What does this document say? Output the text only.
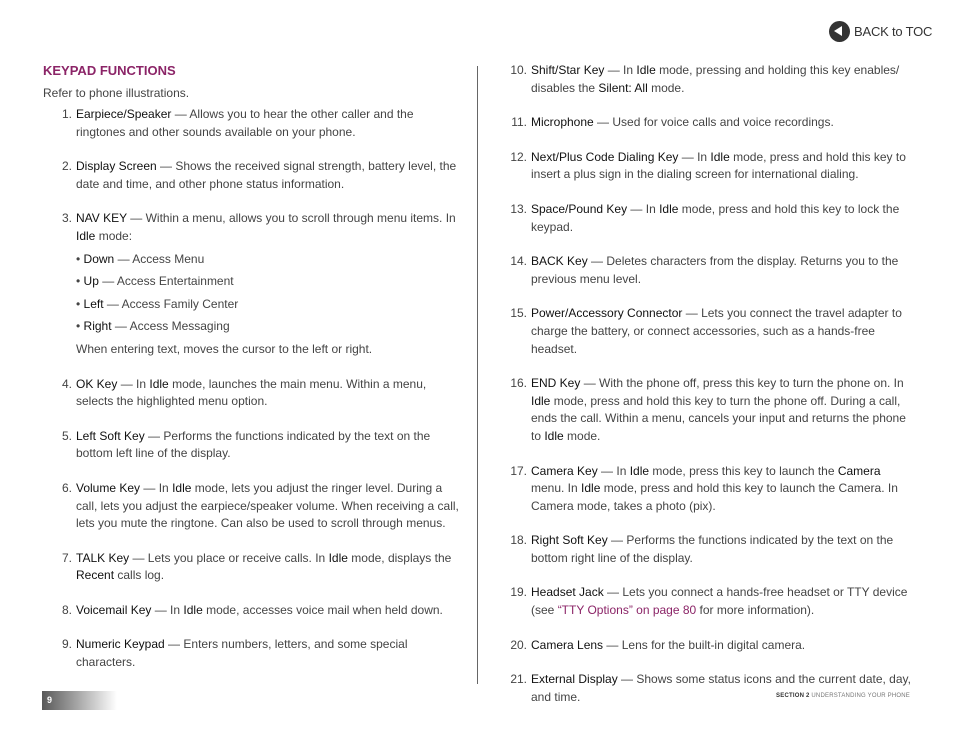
BACK to TOC
KEYPAD FUNCTIONS
Refer to phone illustrations.
1. Earpiece/Speaker — Allows you to hear the other caller and the ringtones and other sounds available on your phone.
2. Display Screen — Shows the received signal strength, battery level, the date and time, and other phone status information.
3. NAV KEY — Within a menu, allows you to scroll through menu items. In Idle mode:
• Down — Access Menu
• Up — Access Entertainment
• Left — Access Family Center
• Right — Access Messaging
When entering text, moves the cursor to the left or right.
4. OK Key — In Idle mode, launches the main menu. Within a menu, selects the highlighted menu option.
5. Left Soft Key — Performs the functions indicated by the text on the bottom left line of the display.
6. Volume Key — In Idle mode, lets you adjust the ringer level. During a call, lets you adjust the earpiece/speaker volume. When receiving a call, lets you mute the ringtone. Can also be used to scroll through menus.
7. TALK Key — Lets you place or receive calls. In Idle mode, displays the Recent calls log.
8. Voicemail Key — In Idle mode, accesses voice mail when held down.
9. Numeric Keypad — Enters numbers, letters, and some special characters.
10. Shift/Star Key — In Idle mode, pressing and holding this key enables/ disables the Silent: All mode.
11. Microphone — Used for voice calls and voice recordings.
12. Next/Plus Code Dialing Key — In Idle mode, press and hold this key to insert a plus sign in the dialing screen for international dialing.
13. Space/Pound Key — In Idle mode, press and hold this key to lock the keypad.
14. BACK Key — Deletes characters from the display. Returns you to the previous menu level.
15. Power/Accessory Connector — Lets you connect the travel adapter to charge the battery, or connect accessories, such as a hands-free headset.
16. END Key — With the phone off, press this key to turn the phone on. In Idle mode, press and hold this key to turn the phone off. During a call, ends the call. Within a menu, cancels your input and returns the phone to Idle mode.
17. Camera Key — In Idle mode, press this key to launch the Camera menu. In Idle mode, press and hold this key to launch the Camera. In Camera mode, takes a photo (pix).
18. Right Soft Key — Performs the functions indicated by the text on the bottom right line of the display.
19. Headset Jack — Lets you connect a hands-free headset or TTY device (see “TTY Options” on page 80 for more information).
20. Camera Lens — Lens for the built-in digital camera.
21. External Display — Shows some status icons and the current date, day, and time.
9	SECTION 2 UNDERSTANDING YOUR PHONE
